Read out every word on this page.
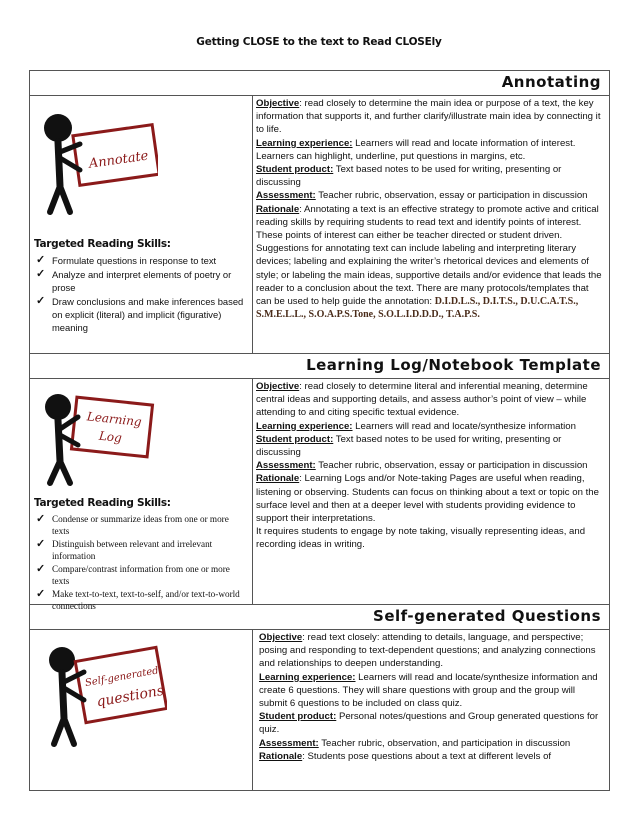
Getting CLOSE to the text to Read CLOSEly
Annotating
Annotate
Targeted Reading Skills:
✓ Formulate questions in response to text
✓ Analyze and interpret elements of poetry or prose
✓ Draw conclusions and make inferences based on explicit (literal) and implicit (figurative) meaning

Objective: read closely to determine the main idea or purpose of a text, the key information that supports it, and further clarify/illustrate main idea by connecting it to life.

Learning experience: Learners will read and locate information of interest. Learners can highlight, underline, put questions in margins, etc.

Student product: Text based notes to be used for writing, presenting or discussing

Assessment: Teacher rubric, observation, essay or participation in discussion

Rationale: Annotating a text is an effective strategy to promote active and critical reading skills by requiring students to read text and identify points of interest. These points of interest can either be teacher directed or student driven. Suggestions for annotating text can include labeling and interpreting literary devices; labeling and explaining the writer’s rhetorical devices and elements of style; or labeling the main ideas, supportive details and/or evidence that leads the reader to a conclusion about the text. There are many protocols/templates that can be used to help guide the annotation: D.I.D.L.S., D.I.T.S., D.U.C.A.T.S., S.M.E.L.L., S.O.A.P.S.Tone, S.O.L.I.D.D.D., T.A.P.S.

Learning Log/Notebook Template
Learning
Log
Targeted Reading Skills:
✓ Condense or summarize ideas from one or more texts
✓ Distinguish between relevant and irrelevant information
✓ Compare/contrast information from one or more texts
✓ Make text-to-text, text-to-self, and/or text-to-world connections

Objective: read closely to determine literal and inferential meaning, determine central ideas and supporting details, and assess author’s point of view – while attending to and citing specific textual evidence.

Learning experience: Learners will read and locate/synthesize information

Student product: Text based notes to be used for writing, presenting or discussing

Assessment: Teacher rubric, observation, essay or participation in discussion

Rationale: Learning Logs and/or Note-taking Pages are useful when reading, listening or observing. Students can focus on thinking about a text or topic on the surface level and then at a deeper level with students providing evidence to support their interpretations.

It requires students to engage by note taking, visually representing ideas, and recording ideas in writing.

Self-generated Questions
Self-generated
questions

Objective: read text closely: attending to details, language, and perspective; posing and responding to text-dependent questions; and analyzing connections and relationships to deepen understanding.

Learning experience: Learners will read and locate/synthesize information and create 6 questions. They will share questions with group and the group will submit 6 questions to be included on class quiz.

Student product: Personal notes/questions and Group generated questions for quiz.

Assessment: Teacher rubric, observation, and participation in discussion

Rationale: Students pose questions about a text at different levels of
